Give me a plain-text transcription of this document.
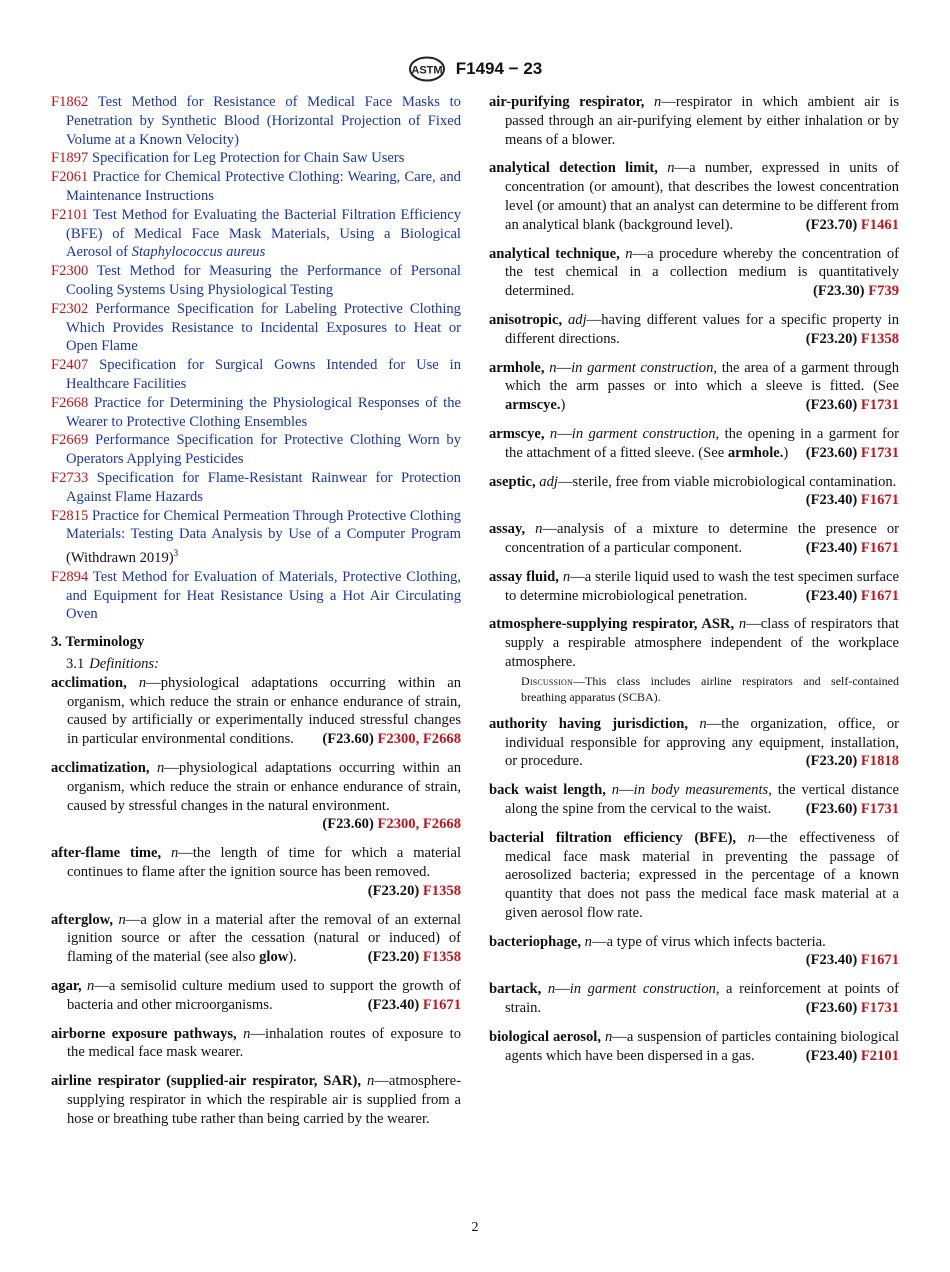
ASTM F1494 − 23
F1862 Test Method for Resistance of Medical Face Masks to Penetration by Synthetic Blood (Horizontal Projection of Fixed Volume at a Known Velocity)
F1897 Specification for Leg Protection for Chain Saw Users
F2061 Practice for Chemical Protective Clothing: Wearing, Care, and Maintenance Instructions
F2101 Test Method for Evaluating the Bacterial Filtration Efficiency (BFE) of Medical Face Mask Materials, Using a Biological Aerosol of Staphylococcus aureus
F2300 Test Method for Measuring the Performance of Personal Cooling Systems Using Physiological Testing
F2302 Performance Specification for Labeling Protective Clothing Which Provides Resistance to Incidental Exposures to Heat or Open Flame
F2407 Specification for Surgical Gowns Intended for Use in Healthcare Facilities
F2668 Practice for Determining the Physiological Responses of the Wearer to Protective Clothing Ensembles
F2669 Performance Specification for Protective Clothing Worn by Operators Applying Pesticides
F2733 Specification for Flame-Resistant Rainwear for Protection Against Flame Hazards
F2815 Practice for Chemical Permeation Through Protective Clothing Materials: Testing Data Analysis by Use of a Computer Program (Withdrawn 2019)$^3$
F2894 Test Method for Evaluation of Materials, Protective Clothing, and Equipment for Heat Resistance Using a Hot Air Circulating Oven
3. Terminology
3.1 Definitions:
acclimation, n—physiological adaptations occurring within an organism, which reduce the strain or enhance endurance of strain, caused by artificially or experimentally induced stressful changes in particular environmental conditions.	(F23.60) F2300, F2668
acclimatization, n—physiological adaptations occurring within an organism, which reduce the strain or enhance endurance of strain, caused by stressful changes in the natural environment.
(F23.60) F2300, F2668
after-flame time, n—the length of time for which a material continues to flame after the ignition source has been removed.
(F23.20) F1358
afterglow, n—a glow in a material after the removal of an external ignition source or after the cessation (natural or induced) of flaming of the material (see also glow).	(F23.20) F1358
agar, n—a semisolid culture medium used to support the growth of bacteria and other microorganisms.	(F23.40) F1671
airborne exposure pathways, n—inhalation routes of exposure to the medical face mask wearer.
airline respirator (supplied-air respirator, SAR), n—atmosphere-supplying respirator in which the respirable air is supplied from a hose or breathing tube rather than being carried by the wearer.
air-purifying respirator, n—respirator in which ambient air is passed through an air-purifying element by either inhalation or by means of a blower.
analytical detection limit, n—a number, expressed in units of concentration (or amount), that describes the lowest concentration level (or amount) that an analyst can determine to be different from an analytical blank (background level).	(F23.70) F1461
analytical technique, n—a procedure whereby the concentration of the test chemical in a collection medium is quantitatively determined.	(F23.30) F739
anisotropic, adj—having different values for a specific property in different directions.	(F23.20) F1358
armhole, n—in garment construction, the area of a garment through which the arm passes or into which a sleeve is fitted. (See armscye.)	(F23.60) F1731
armscye, n—in garment construction, the opening in a garment for the attachment of a fitted sleeve. (See armhole.)	(F23.60) F1731
aseptic, adj—sterile, free from viable microbiological contamination.
(F23.40) F1671
assay, n—analysis of a mixture to determine the presence or concentration of a particular component.	(F23.40) F1671
assay fluid, n—a sterile liquid used to wash the test specimen surface to determine microbiological penetration.	(F23.40) F1671
atmosphere-supplying respirator, ASR, n—class of respirators that supply a respirable atmosphere independent of the workplace atmosphere.
Discussion—This class includes airline respirators and self-contained breathing apparatus (SCBA).
authority having jurisdiction, n—the organization, office, or individual responsible for approving any equipment, installation, or procedure.	(F23.20) F1818
back waist length, n—in body measurements, the vertical distance along the spine from the cervical to the waist.	(F23.60) F1731
bacterial filtration efficiency (BFE), n—the effectiveness of medical face mask material in preventing the passage of aerosolized bacteria; expressed in the percentage of a known quantity that does not pass the medical face mask material at a given aerosol flow rate.
bacteriophage, n—a type of virus which infects bacteria.
(F23.40) F1671
bartack, n—in garment construction, a reinforcement at points of strain.	(F23.60) F1731
biological aerosol, n—a suspension of particles containing biological agents which have been dispersed in a gas.	(F23.40) F2101
2
